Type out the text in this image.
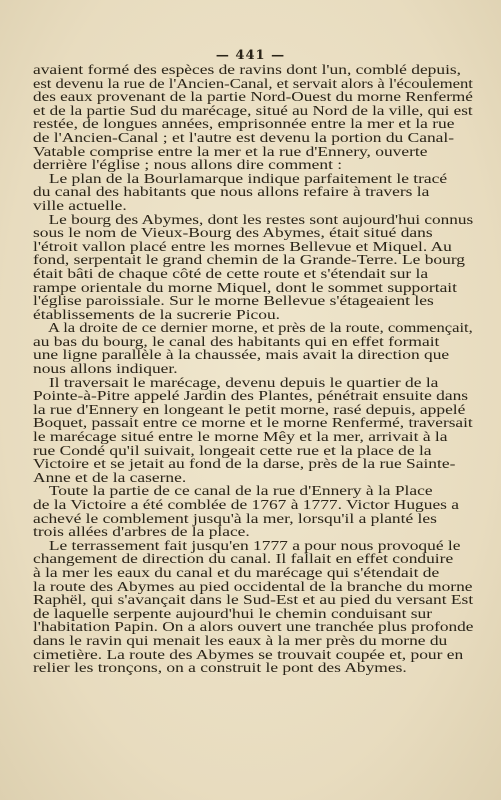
— 441 —
avaient formé des espèces de ravins dont l'un, comblé depuis,
est devenu la rue de l'Ancien-Canal, et servait alors à l'écoulement
des eaux provenant de la partie Nord-Ouest du morne Renfermé
et de la partie Sud du marécage, situé au Nord de la ville, qui est
restée, de longues années, emprisonnée entre la mer et la rue
de l'Ancien-Canal ; et l'autre est devenu la portion du Canal-
Vatable comprise entre la mer et la rue d'Ennery, ouverte
derrière l'église ; nous allons dire comment :
Le plan de la Bourlamarque indique parfaitement le tracé
du canal des habitants que nous allons refaire à travers la
ville actuelle.
Le bourg des Abymes, dont les restes sont aujourd'hui connus
sous le nom de Vieux-Bourg des Abymes, était situé dans
l'étroit vallon placé entre les mornes Bellevue et Miquel. Au
fond, serpentait le grand chemin de la Grande-Terre. Le bourg
était bâti de chaque côté de cette route et s'étendait sur la
rampe orientale du morne Miquel, dont le sommet supportait
l'église paroissiale. Sur le morne Bellevue s'étageaient les
établissements de la sucrerie Picou.
A la droite de ce dernier morne, et près de la route, commençait,
au bas du bourg, le canal des habitants qui en effet formait
une ligne parallèle à la chaussée, mais avait la direction que
nous allons indiquer.
Il traversait le marécage, devenu depuis le quartier de la
Pointe-à-Pitre appelé Jardin des Plantes, pénétrait ensuite dans
la rue d'Ennery en longeant le petit morne, rasé depuis, appelé
Boquet, passait entre ce morne et le morne Renfermé, traversait
le marécage situé entre le morne Mêy et la mer, arrivait à la
rue Condé qu'il suivait, longeait cette rue et la place de la
Victoire et se jetait au fond de la darse, près de la rue Sainte-
Anne et de la caserne.
Toute la partie de ce canal de la rue d'Ennery à la Place
de la Victoire a été comblée de 1767 à 1777. Victor Hugues a
achevé le comblement jusqu'à la mer, lorsqu'il a planté les
trois allées d'arbres de la place.
Le terrassement fait jusqu'en 1777 a pour nous provoqué le
changement de direction du canal. Il fallait en effet conduire
à la mer les eaux du canal et du marécage qui s'étendait de
la route des Abymes au pied occidental de la branche du morne
Raphël, qui s'avançait dans le Sud-Est et au pied du versant Est
de laquelle serpente aujourd'hui le chemin conduisant sur
l'habitation Papin. On a alors ouvert une tranchée plus profonde
dans le ravin qui menait les eaux à la mer près du morne du
cimetière. La route des Abymes se trouvait coupée et, pour en
relier les tronçons, on a construit le pont des Abymes.
